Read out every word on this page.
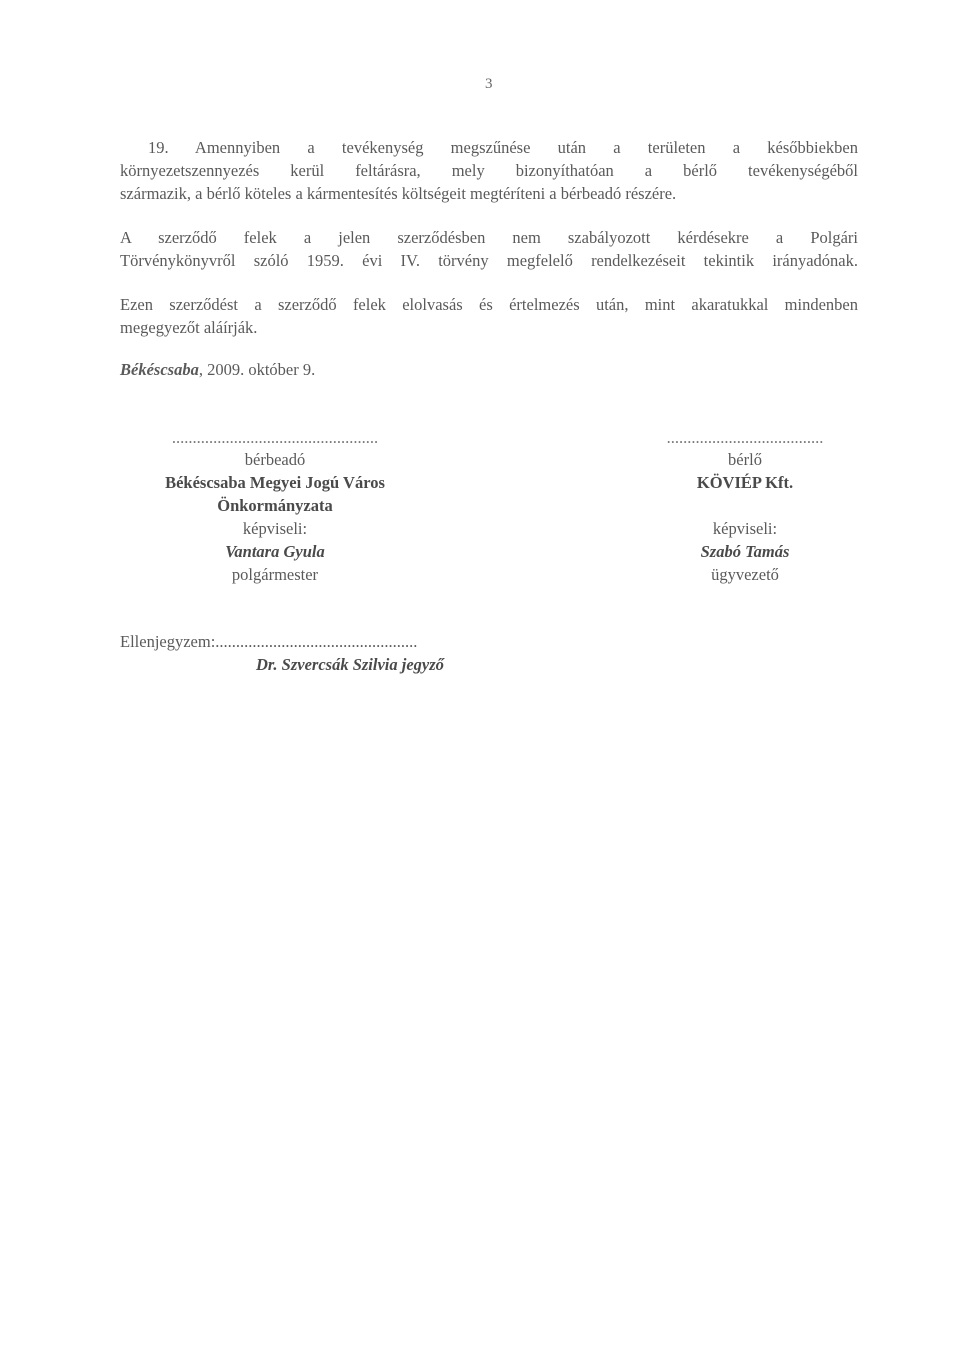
3
19. Amennyiben a tevékenység megszűnése után a területen a későbbiekben
környezetszennyezés kerül feltárásra, mely bizonyíthatóan a bérlő tevékenységéből
származik, a bérlő köteles a kármentesítés költségeit megtéríteni a bérbeadó részére.
A szerződő felek a jelen szerződésben nem szabályozott kérdésekre a Polgári
Törvénykönyvről szóló 1959. évi IV. törvény megfelelő rendelkezéseit tekintik irányadónak.
Ezen szerződést a szerződő felek elolvasás és értelmezés után, mint akaratukkal mindenben
megegyezőt aláírják.
Békéscsaba, 2009. október 9.
..................................................
bérbeadó
Békéscsaba Megyei Jogú Város
Önkormányzata
képviseli:
Vantara Gyula
polgármester
......................................
bérlő
KÖVIÉP Kft.

képviseli:
Szabó Tamás
ügyvezető
Ellenjegyzem:.................................................
Dr. Szvercsák Szilvia jegyző
